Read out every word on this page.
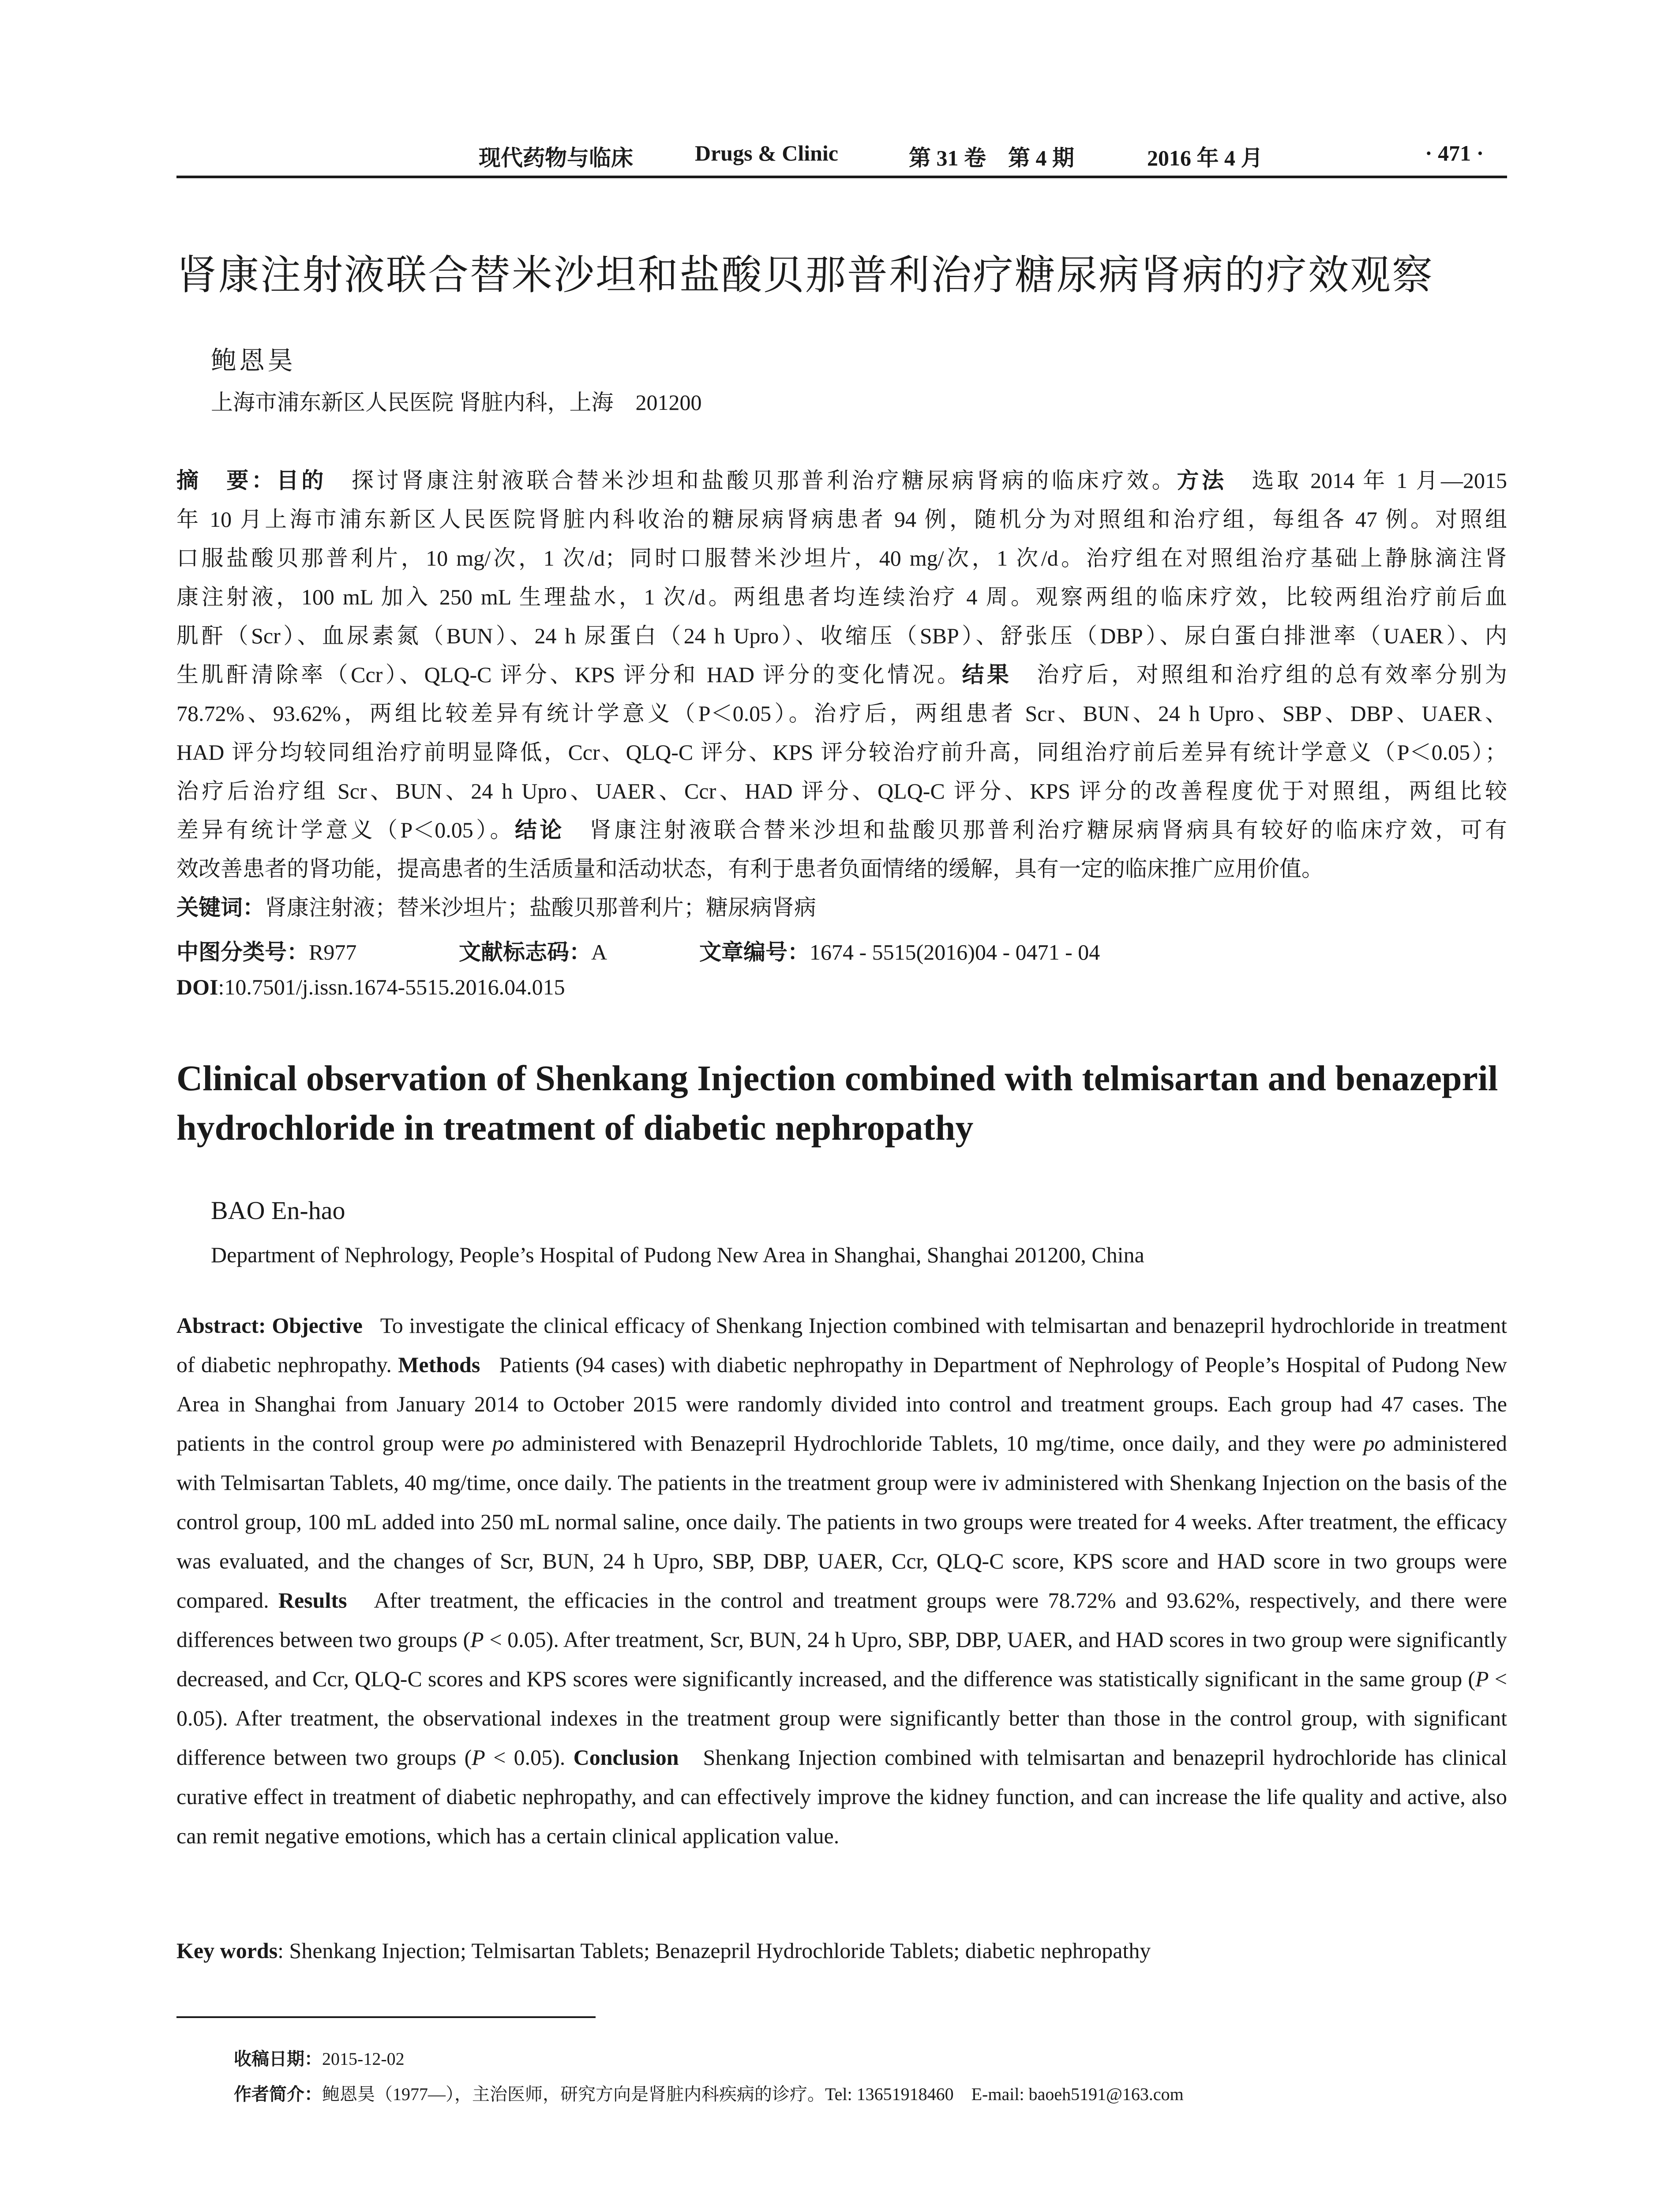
现代药物与临床	Drugs & Clinic	第 31 卷　第 4 期	2016 年 4 月	· 471 ·
肾康注射液联合替米沙坦和盐酸贝那普利治疗糖尿病肾病的疗效观察
鲍恩昊
上海市浦东新区人民医院 肾脏内科，上海　201200
摘　要：目的　 探讨肾康注射液联合替米沙坦和盐酸贝那普利治疗糖尿病肾病的临床疗效。方法　 选取 2014 年 1 月—2015
年 10 月上海市浦东新区人民医院肾脏内科收治的糖尿病肾病患者 94 例，随机分为对照组和治疗组，每组各 47 例。对照组
口服盐酸贝那普利片，10 mg/次，1 次/d；同时口服替米沙坦片，40 mg/次，1 次/d。治疗组在对照组治疗基础上静脉滴注肾
康注射液，100 mL 加入 250 mL 生理盐水，1 次/d。两组患者均连续治疗 4 周。观察两组的临床疗效，比较两组治疗前后血
肌酐（Scr）、血尿素氮（BUN）、24 h 尿蛋白（24 h Upro）、收缩压（SBP）、舒张压（DBP）、尿白蛋白排泄率（UAER）、内
生肌酐清除率（Ccr）、QLQ-C 评分、KPS 评分和 HAD 评分的变化情况。结果　 治疗后，对照组和治疗组的总有效率分别为
78.72%、93.62%，两组比较差异有统计学意义（P＜0.05）。治疗后，两组患者 Scr、BUN、24 h Upro、SBP、DBP、UAER、
HAD 评分均较同组治疗前明显降低，Ccr、QLQ-C 评分、KPS 评分较治疗前升高，同组治疗前后差异有统计学意义（P＜0.05）；
治疗后治疗组 Scr、BUN、24 h Upro、UAER、Ccr、HAD 评分、QLQ-C 评分、KPS 评分的改善程度优于对照组，两组比较
差异有统计学意义（P＜0.05）。结论　 肾康注射液联合替米沙坦和盐酸贝那普利治疗糖尿病肾病具有较好的临床疗效，可有
效改善患者的肾功能，提高患者的生活质量和活动状态，有利于患者负面情绪的缓解，具有一定的临床推广应用价值。
关键词：肾康注射液；替米沙坦片；盐酸贝那普利片；糖尿病肾病
中图分类号：R977	文献标志码：A	文章编号：1674 - 5515(2016)04 - 0471 - 04
DOI:10.7501/j.issn.1674-5515.2016.04.015
Clinical observation of Shenkang Injection combined with telmisartan and benazepril hydrochloride in treatment of diabetic nephropathy
BAO En-hao
Department of Nephrology, People’s Hospital of Pudong New Area in Shanghai, Shanghai 201200, China
Abstract: Objective To investigate the clinical efficacy of Shenkang Injection combined with telmisartan and benazepril hydrochloride in treatment of diabetic nephropathy. Methods Patients (94 cases) with diabetic nephropathy in Department of Nephrology of People’s Hospital of Pudong New Area in Shanghai from January 2014 to October 2015 were randomly divided into control and treatment groups. Each group had 47 cases. The patients in the control group were po administered with Benazepril Hydrochloride Tablets, 10 mg/time, once daily, and they were po administered with Telmisartan Tablets, 40 mg/time, once daily. The patients in the treatment group were iv administered with Shenkang Injection on the basis of the control group, 100 mL added into 250 mL normal saline, once daily. The patients in two groups were treated for 4 weeks. After treatment, the efficacy was evaluated, and the changes of Scr, BUN, 24 h Upro, SBP, DBP, UAER, Ccr, QLQ-C score, KPS score and HAD score in two groups were compared. Results After treatment, the efficacies in the control and treatment groups were 78.72% and 93.62%, respectively, and there were differences between two groups (P < 0.05). After treatment, Scr, BUN, 24 h Upro, SBP, DBP, UAER, and HAD scores in two group were significantly decreased, and Ccr, QLQ-C scores and KPS scores were significantly increased, and the difference was statistically significant in the same group (P < 0.05). After treatment, the observational indexes in the treatment group were significantly better than those in the control group, with significant difference between two groups (P < 0.05). Conclusion Shenkang Injection combined with telmisartan and benazepril hydrochloride has clinical curative effect in treatment of diabetic nephropathy, and can effectively improve the kidney function, and can increase the life quality and active, also can remit negative emotions, which has a certain clinical application value.
Key words: Shenkang Injection; Telmisartan Tablets; Benazepril Hydrochloride Tablets; diabetic nephropathy
收稿日期：2015-12-02
作者简介：鲍恩昊（1977—），主治医师，研究方向是肾脏内科疾病的诊疗。Tel: 13651918460　E-mail: baoeh5191@163.com
